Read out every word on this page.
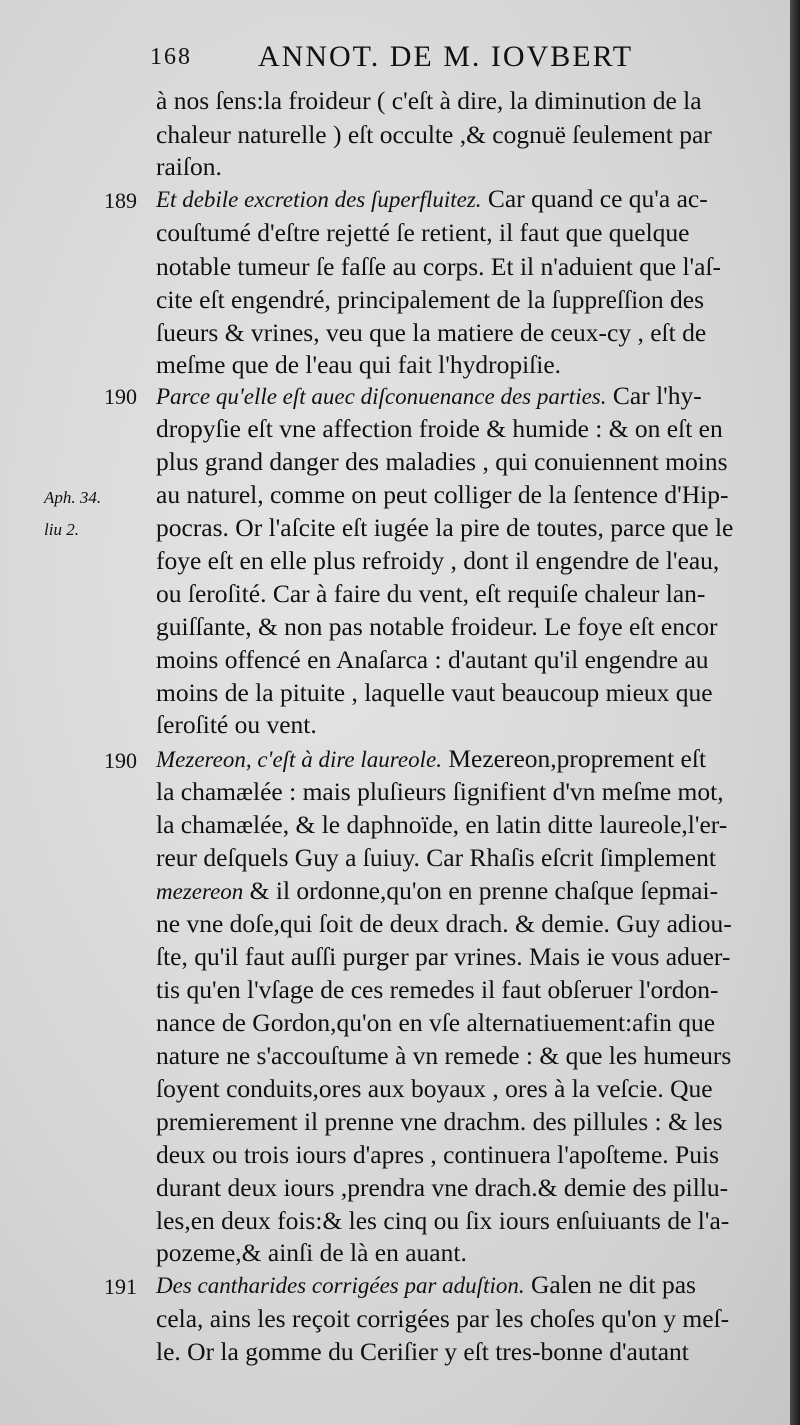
168 ANNOT. DE M. IOVBERT
à nos ſens:la froideur ( c'eſt à dire, la diminution de la
chaleur naturelle ) eſt occulte ,& cognuë ſeulement par
raiſon.
189 Et debile excretion des ſuperfluitez. Car quand ce qu'a ac-
couſtumé d'eſtre rejetté ſe retient, il faut que quelque
notable tumeur ſe faſſe au corps. Et il n'aduient que l'aſ-
cite eſt engendré, principalement de la ſuppreſſion des
ſueurs & vrines, veu que la matiere de ceux-cy , eſt de
meſme que de l'eau qui fait l'hydropiſie.
190 Parce qu'elle eſt auec diſconuenance des parties. Car l'hy-
dropyſie eſt vne affection froide & humide : & on eſt en
plus grand danger des maladies , qui conuiennent moins
Aph. 34. au naturel, comme on peut colliger de la ſentence d'Hip-
liu 2.	pocras. Or l'aſcite eſt iugée la pire de toutes, parce que le
foye eſt en elle plus refroidy , dont il engendre de l'eau,
ou ſeroſité. Car à faire du vent, eſt requiſe chaleur lan-
guiſſante, & non pas notable froideur. Le foye eſt encor
moins offencé en Anaſarca : d'autant qu'il engendre au
moins de la pituite , laquelle vaut beaucoup mieux que
ſeroſité ou vent.
190 Mezereon, c'eſt à dire laureole. Mezereon,proprement eſt
la chamælée : mais pluſieurs ſignifient d'vn meſme mot,
la chamælée, & le daphnoïde, en latin ditte laureole,l'er-
reur deſquels Guy a ſuiuy. Car Rhaſis eſcrit ſimplement
mezereon & il ordonne,qu'on en prenne chaſque ſepmai-
ne vne doſe,qui ſoit de deux drach. & demie. Guy adiou-
ſte, qu'il faut auſſi purger par vrines. Mais ie vous aduer-
tis qu'en l'vſage de ces remedes il faut obſeruer l'ordon-
nance de Gordon,qu'on en vſe alternatiuement:afin que
nature ne s'accouſtume à vn remede : & que les humeurs
ſoyent conduits,ores aux boyaux , ores à la veſcie. Que
premierement il prenne vne drachm. des pillules : & les
deux ou trois iours d'apres , continuera l'apoſteme. Puis
durant deux iours ,prendra vne drach.& demie des pillu-
les,en deux fois:& les cinq ou ſix iours enſuiuants de l'a-
pozeme,& ainſi de là en auant.
191 Des cantharides corrigées par aduſtion. Galen ne dit pas
cela, ains les reçoit corrigées par les choſes qu'on y meſ-
le. Or la gomme du Ceriſier y eſt tres-bonne d'autant
